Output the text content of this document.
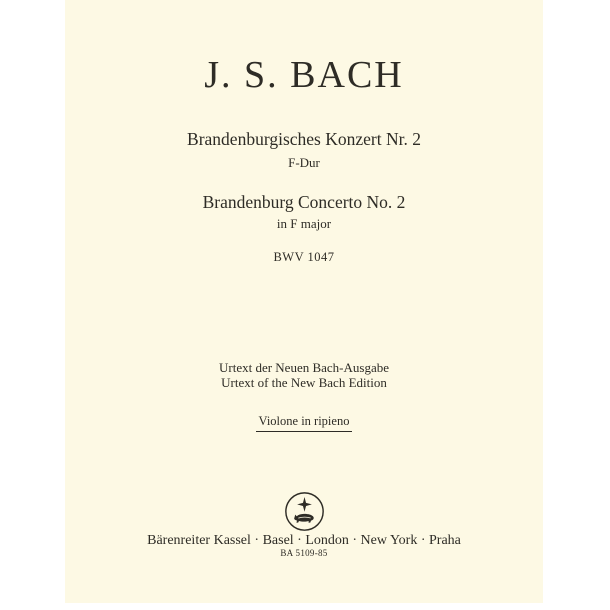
J. S. BACH
Brandenburgisches Konzert Nr. 2
F-Dur
Brandenburg Concerto No. 2
in F major
BWV 1047
Urtext der Neuen Bach-Ausgabe
Urtext of the New Bach Edition
Violone in ripieno
Bärenreiter Kassel · Basel · London · New York · Praha
BA 5109-85
